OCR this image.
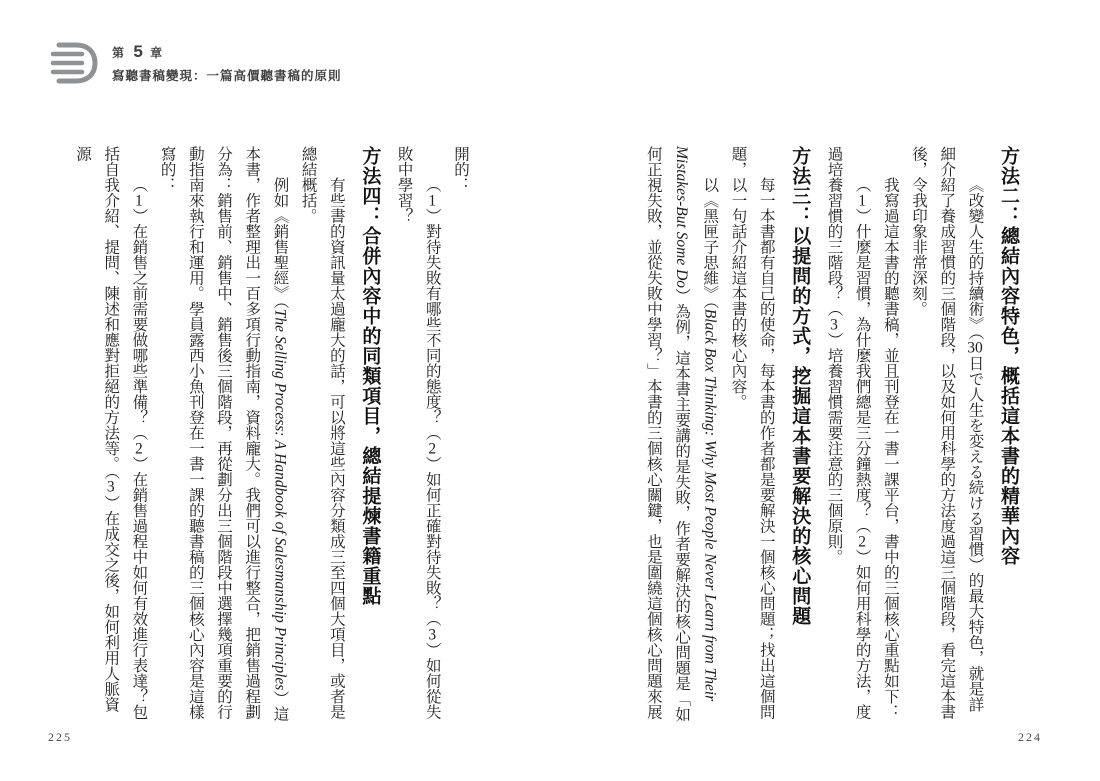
第 5 章
寫聽書稿變現：一篇高價聽書稿的原則
方法二：總結內容特色，概括這本書的精華內容

《改變人生的持續術》（30日で人生を変える続ける習慣）的最大特色，就是詳細介紹了養成習慣的三個階段，以及如何用科學的方法度過這三個階段，看完這本書後，令我印象非常深刻。

我寫過這本書的聽書稿，並且刊登在一書一課平台，書中的三個核心重點如下：

（1）什麼是習慣，為什麼我們總是三分鐘熱度？（2）如何用科學的方法，度過培養習慣的三階段？（3）培養習慣需要注意的三個原則。

方法三：以提問的方式，挖掘這本書要解決的核心問題

每一本書都有自己的使命，每本書的作者都是要解決一個核心問題；找出這個問題，以一句話介紹這本書的核心內容。

以《黑匣子思維》（Black Box Thinking: Why Most People Never Learn from Their Mistakes-But Some Do）為例，這本書主要講的是失敗，作者要解決的核心問題是「如何正視失敗，並從失敗中學習？」本書的三個核心關鍵，也是圍繞這個核心問題來展

開的：

（1）對待失敗有哪些不同的態度？（2）如何正確對待失敗？（3）如何從失敗中學習？

方法四：合併內容中的同類項目，總結提煉書籍重點

有些書的資訊量太過龐大的話，可以將這些內容分類成三至四個大項目，或者是總結概括。

例如《銷售聖經》（The Selling Process: A Handbook of Salesmanship Principles）這本書，作者整理出一百多項行動指南，資料龐大。我們可以進行整合，把銷售過程劃分為：銷售前、銷售中、銷售後三個階段，再從劃分出三個階段中選擇幾項重要的行動指南來執行和運用。學員露西小魚刊登在一書一課的聽書稿的三個核心內容是這樣寫的：

（1）在銷售之前需要做哪些準備？（2）在銷售過程中如何有效進行表達？包括自我介紹、提問、陳述和應對拒絕的方法等。（3）在成交之後，如何利用人脈資源

225	224
